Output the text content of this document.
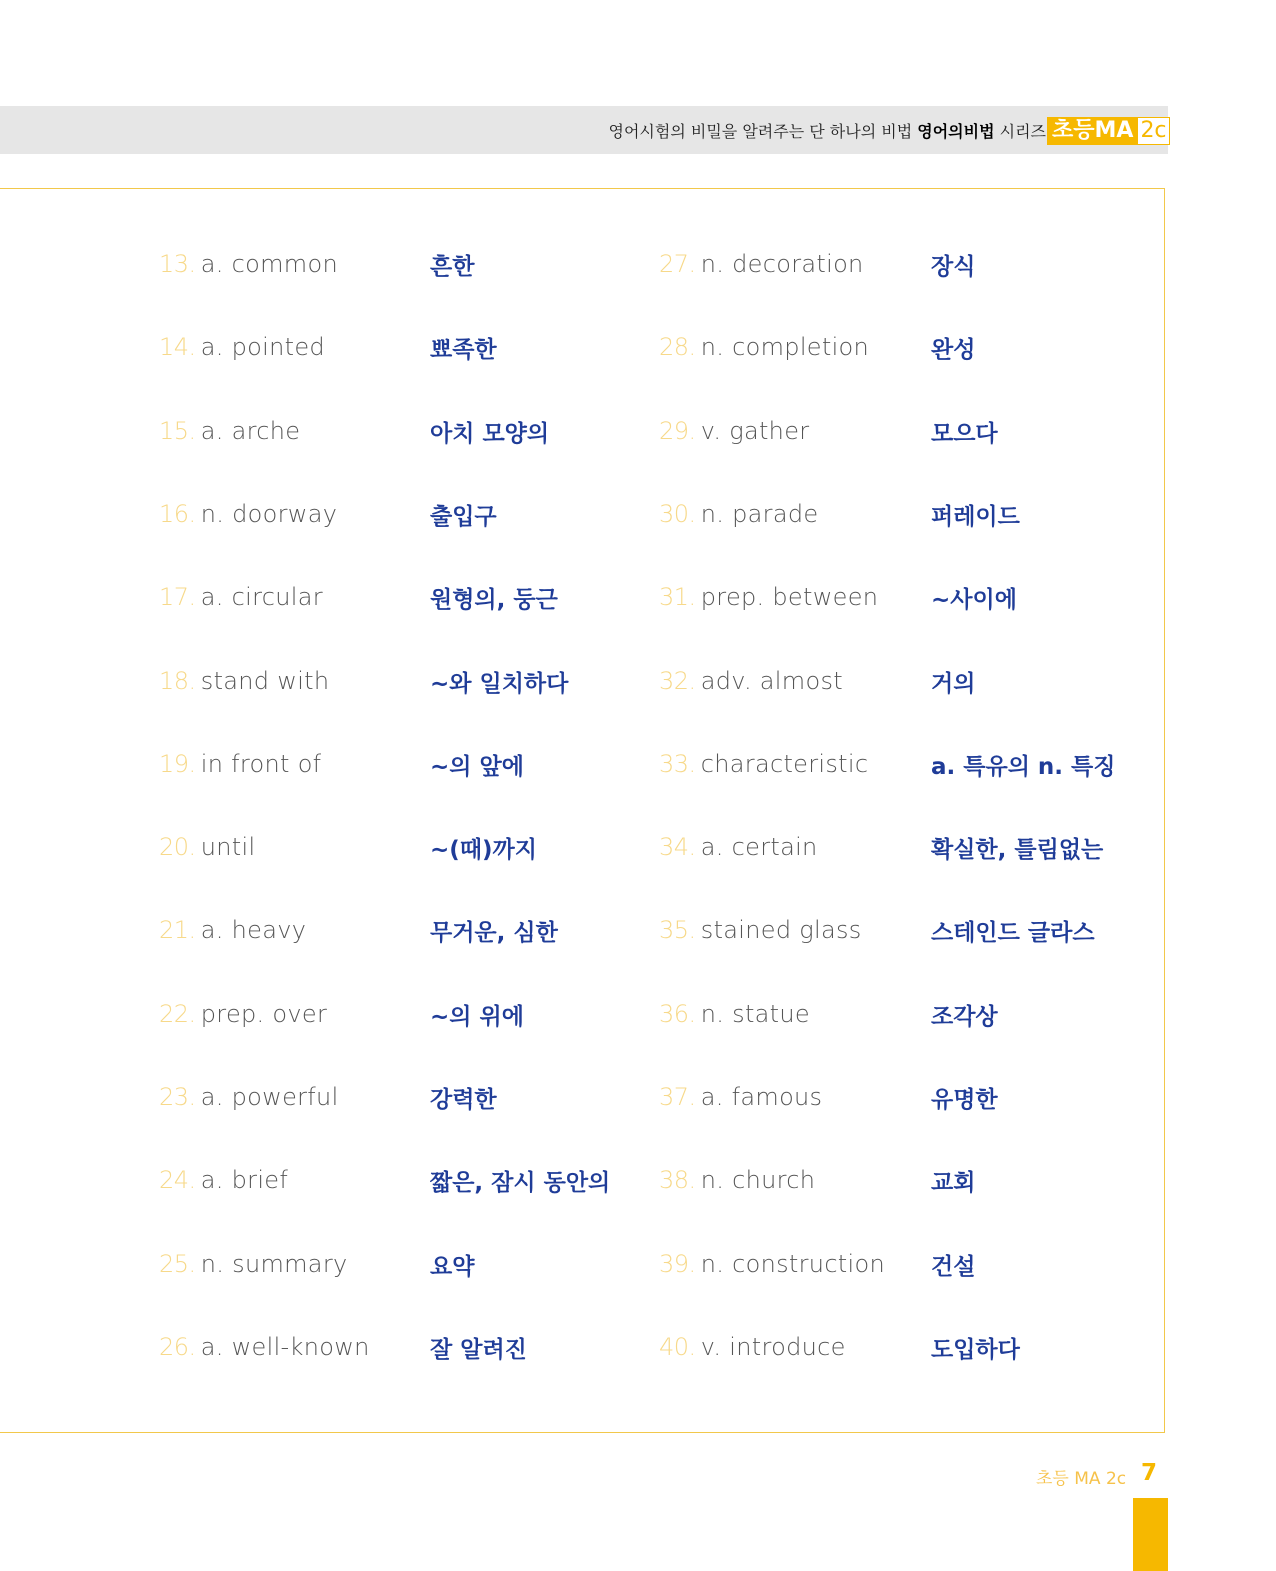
영어시험의 비밀을 알려주는 단 하나의 비법 영어의비법 시리즈 초등MA 2c
13. a. common	흔한
14. a. pointed	뾰족한
15. a. arche	아치 모양의
16. n. doorway	출입구
17. a. circular	원형의, 둥근
18. stand with	~와 일치하다
19. in front of	~의 앞에
20. until	~(때)까지
21. a. heavy	무거운, 심한
22. prep. over	~의 위에
23. a. powerful	강력한
24. a. brief	짧은, 잠시 동안의
25. n. summary	요약
26. a. well-known	잘 알려진
27. n. decoration	장식
28. n. completion	완성
29. v. gather	모으다
30. n. parade	퍼레이드
31. prep. between ~사이에
32. adv. almost	거의
33. characteristic	a. 특유의 n. 특징
34. a. certain	확실한, 틀림없는
35. stained glass	스테인드 글라스
36. n. statue	조각상
37. a. famous	유명한
38. n. church	교회
39. n. construction 건설
40. v. introduce	도입하다
초등 MA 2c 7
